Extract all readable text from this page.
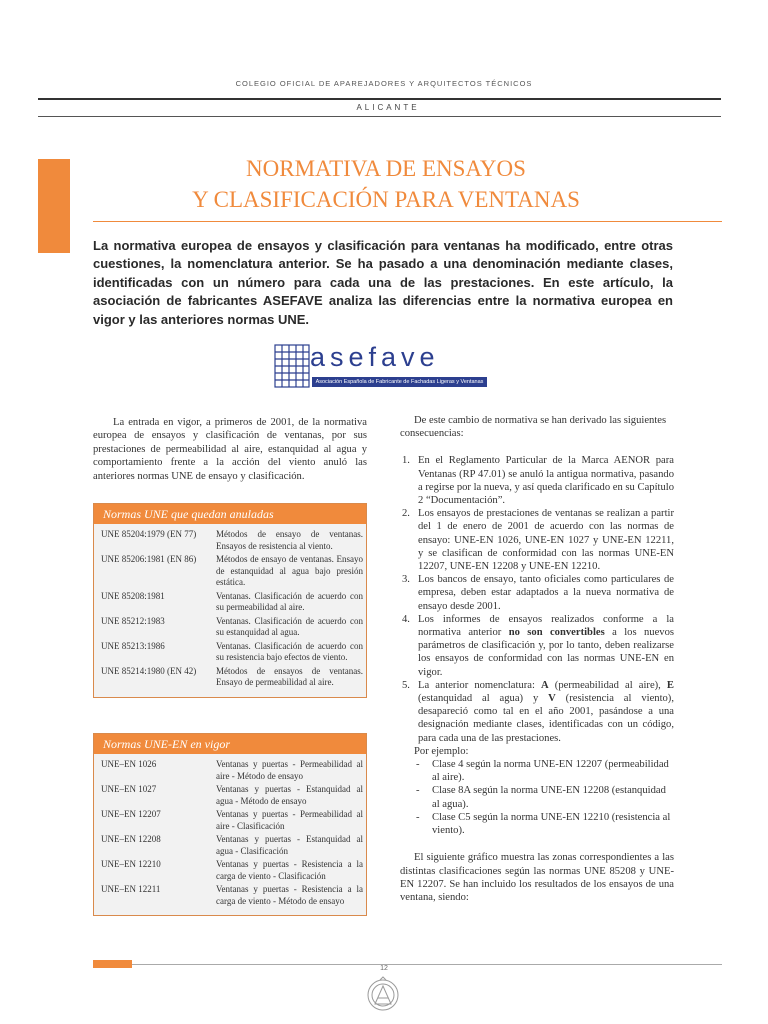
COLEGIO OFICIAL DE APAREJADORES Y ARQUITECTOS TÉCNICOS
ALICANTE
NORMATIVA DE ENSAYOS
Y CLASIFICACIÓN PARA VENTANAS
La normativa europea de ensayos y clasificación para ventanas ha modificado, entre otras cuestiones, la nomenclatura anterior. Se ha pasado a una denominación mediante clases, identificadas con un número para cada una de las prestaciones. En este artículo, la asociación de fabricantes ASEFAVE analiza las diferencias entre la normativa europea en vigor y las anteriores normas UNE.
asefave
Asociación Española de Fabricante de Fachadas Ligeras y Ventanas

La entrada en vigor, a primeros de 2001, de la normativa europea de ensayos y clasificación de ventanas, por sus prestaciones de permeabilidad al aire, estanquidad al agua y comportamiento frente a la acción del viento anuló las anteriores normas UNE de ensayo y clasificación.

Normas UNE que quedan anuladas
UNE 85204:1979 (EN 77)	Métodos de ensayo de ventanas. Ensayos de resistencia al viento.
UNE 85206:1981 (EN 86)	Métodos de ensayo de ventanas. Ensayo de estanquidad al agua bajo presión estática.
UNE 85208:1981	Ventanas. Clasificación de acuerdo con su permeabilidad al aire.
UNE 85212:1983	Ventanas. Clasificación de acuerdo con su estanquidad al agua.
UNE 85213:1986	Ventanas. Clasificación de acuerdo con su resistencia bajo efectos de viento.
UNE 85214:1980 (EN 42)	Métodos de ensayos de ventanas. Ensayo de permeabilidad al aire.
Normas UNE-EN en vigor
UNE–EN 1026	Ventanas y puertas - Permeabilidad al aire - Método de ensayo
UNE–EN 1027	Ventanas y puertas - Estanquidad al agua - Método de ensayo
UNE–EN 12207	Ventanas y puertas - Permeabilidad al aire - Clasificación
UNE–EN 12208	Ventanas y puertas - Estanquidad al agua - Clasificación
UNE–EN 12210	Ventanas y puertas - Resistencia a la carga de viento - Clasificación
UNE–EN 12211	Ventanas y puertas - Resistencia a la carga de viento - Método de ensayo

De este cambio de normativa se han derivado las siguientes consecuencias:

1. En el Reglamento Particular de la Marca AENOR para Ventanas (RP 47.01) se anuló la antigua normativa, pasando a regirse por la nueva, y así queda clarificado en su Capítulo 2 “Documentación”.
2. Los ensayos de prestaciones de ventanas se realizan a partir del 1 de enero de 2001 de acuerdo con las normas de ensayo: UNE-EN 1026, UNE-EN 1027 y UNE-EN 12211, y se clasifican de conformidad con las normas UNE-EN 12207, UNE-EN 12208 y UNE-EN 12210.
3. Los bancos de ensayo, tanto oficiales como particulares de empresa, deben estar adaptados a la nueva normativa de ensayo desde 2001.
4. Los informes de ensayos realizados conforme a la normativa anterior no son convertibles a los nuevos parámetros de clasificación y, por lo tanto, deben realizarse los ensayos de conformidad con las normas UNE-EN en vigor.
5. La anterior nomenclatura: A (permeabilidad al aire), E (estanquidad al agua) y V (resistencia al viento), desapareció como tal en el año 2001, pasándose a una designación mediante clases, identificadas con un código, para cada una de las prestaciones.
Por ejemplo:
- Clase 4 según la norma UNE-EN 12207 (permeabilidad al aire).
- Clase 8A según la norma UNE-EN 12208 (estanquidad al agua).
- Clase C5 según la norma UNE-EN 12210 (resistencia al viento).

El siguiente gráfico muestra las zonas correspondientes a las distintas clasificaciones según las normas UNE 85208 y UNE-EN 12207. Se han incluido los resultados de los ensayos de una ventana, siendo:

12
